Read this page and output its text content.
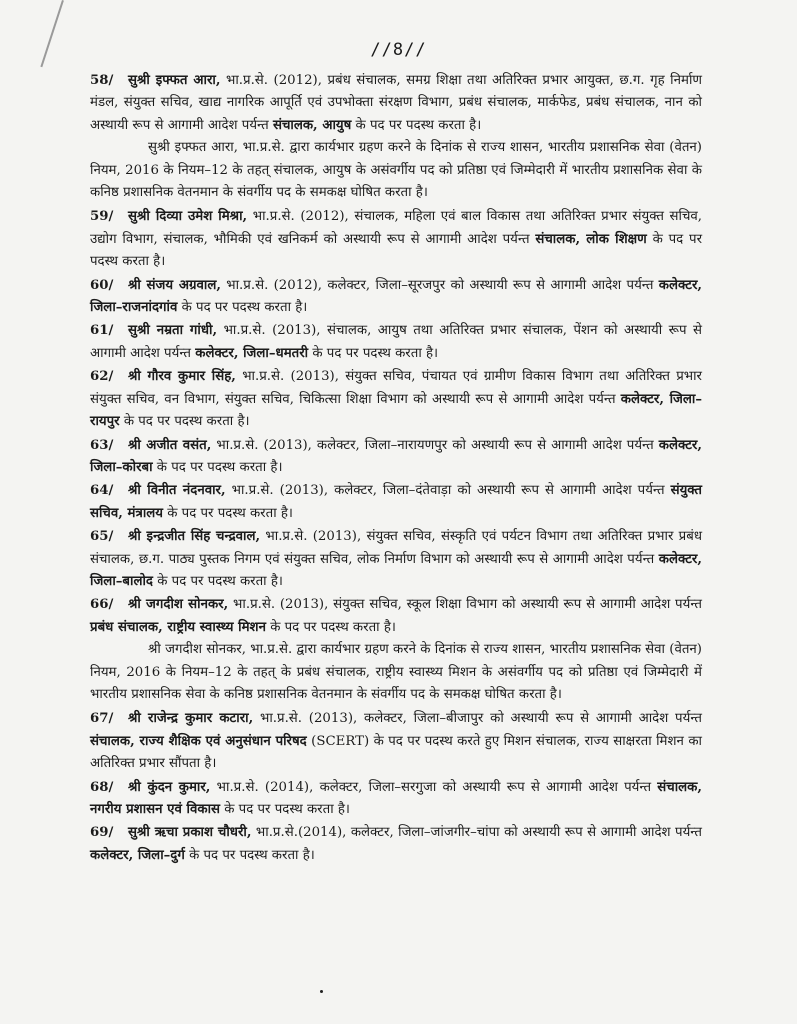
//8//

58/ सुश्री इफ्फत आरा, भा.प्र.से. (2012), प्रबंध संचालक, समग्र शिक्षा तथा अतिरिक्त प्रभार आयुक्त, छ.ग. गृह निर्माण मंडल, संयुक्त सचिव, खाद्य नागरिक आपूर्ति एवं उपभोक्ता संरक्षण विभाग, प्रबंध संचालक, मार्कफेड, प्रबंध संचालक, नान को अस्थायी रूप से आगामी आदेश पर्यन्त संचालक, आयुष के पद पर पदस्थ करता है।

सुश्री इफ्फत आरा, भा.प्र.से. द्वारा कार्यभार ग्रहण करने के दिनांक से राज्य शासन, भारतीय प्रशासनिक सेवा (वेतन) नियम, 2016 के नियम–12 के तहत् संचालक, आयुष के असंवर्गीय पद को प्रतिष्ठा एवं जिम्मेदारी में भारतीय प्रशासनिक सेवा के कनिष्ठ प्रशासनिक वेतनमान के संवर्गीय पद के समकक्ष घोषित करता है।

59/ सुश्री दिव्या उमेश मिश्रा, भा.प्र.से. (2012), संचालक, महिला एवं बाल विकास तथा अतिरिक्त प्रभार संयुक्त सचिव, उद्योग विभाग, संचालक, भौमिकी एवं खनिकर्म को अस्थायी रूप से आगामी आदेश पर्यन्त संचालक, लोक शिक्षण के पद पर पदस्थ करता है।

60/ श्री संजय अग्रवाल, भा.प्र.से. (2012), कलेक्टर, जिला–सूरजपुर को अस्थायी रूप से आगामी आदेश पर्यन्त कलेक्टर, जिला–राजनांदगांव के पद पर पदस्थ करता है।

61/ सुश्री नम्रता गांधी, भा.प्र.से. (2013), संचालक, आयुष तथा अतिरिक्त प्रभार संचालक, पेंशन को अस्थायी रूप से आगामी आदेश पर्यन्त कलेक्टर, जिला–धमतरी के पद पर पदस्थ करता है।

62/ श्री गौरव कुमार सिंह, भा.प्र.से. (2013), संयुक्त सचिव, पंचायत एवं ग्रामीण विकास विभाग तथा अतिरिक्त प्रभार संयुक्त सचिव, वन विभाग, संयुक्त सचिव, चिकित्सा शिक्षा विभाग को अस्थायी रूप से आगामी आदेश पर्यन्त कलेक्टर, जिला–रायपुर के पद पर पदस्थ करता है।

63/ श्री अजीत वसंत, भा.प्र.से. (2013), कलेक्टर, जिला–नारायणपुर को अस्थायी रूप से आगामी आदेश पर्यन्त कलेक्टर, जिला–कोरबा के पद पर पदस्थ करता है।

64/ श्री विनीत नंदनवार, भा.प्र.से. (2013), कलेक्टर, जिला–दंतेवाड़ा को अस्थायी रूप से आगामी आदेश पर्यन्त संयुक्त सचिव, मंत्रालय के पद पर पदस्थ करता है।

65/ श्री इन्द्रजीत सिंह चन्द्रवाल, भा.प्र.से. (2013), संयुक्त सचिव, संस्कृति एवं पर्यटन विभाग तथा अतिरिक्त प्रभार प्रबंध संचालक, छ.ग. पाठ्य पुस्तक निगम एवं संयुक्त सचिव, लोक निर्माण विभाग को अस्थायी रूप से आगामी आदेश पर्यन्त कलेक्टर, जिला–बालोद के पद पर पदस्थ करता है।

66/ श्री जगदीश सोनकर, भा.प्र.से. (2013), संयुक्त सचिव, स्कूल शिक्षा विभाग को अस्थायी रूप से आगामी आदेश पर्यन्त प्रबंध संचालक, राष्ट्रीय स्वास्थ्य मिशन के पद पर पदस्थ करता है।

श्री जगदीश सोनकर, भा.प्र.से. द्वारा कार्यभार ग्रहण करने के दिनांक से राज्य शासन, भारतीय प्रशासनिक सेवा (वेतन) नियम, 2016 के नियम–12 के तहत् के प्रबंध संचालक, राष्ट्रीय स्वास्थ्य मिशन के असंवर्गीय पद को प्रतिष्ठा एवं जिम्मेदारी में भारतीय प्रशासनिक सेवा के कनिष्ठ प्रशासनिक वेतनमान के संवर्गीय पद के समकक्ष घोषित करता है।

67/ श्री राजेन्द्र कुमार कटारा, भा.प्र.से. (2013), कलेक्टर, जिला–बीजापुर को अस्थायी रूप से आगामी आदेश पर्यन्त संचालक, राज्य शैक्षिक एवं अनुसंधान परिषद (SCERT) के पद पर पदस्थ करते हुए मिशन संचालक, राज्य साक्षरता मिशन का अतिरिक्त प्रभार सौंपता है।

68/ श्री कुंदन कुमार, भा.प्र.से. (2014), कलेक्टर, जिला–सरगुजा को अस्थायी रूप से आगामी आदेश पर्यन्त संचालक, नगरीय प्रशासन एवं विकास के पद पर पदस्थ करता है।

69/ सुश्री ऋचा प्रकाश चौधरी, भा.प्र.से.(2014), कलेक्टर, जिला–जांजगीर–चांपा को अस्थायी रूप से आगामी आदेश पर्यन्त कलेक्टर, जिला–दुर्ग के पद पर पदस्थ करता है।
